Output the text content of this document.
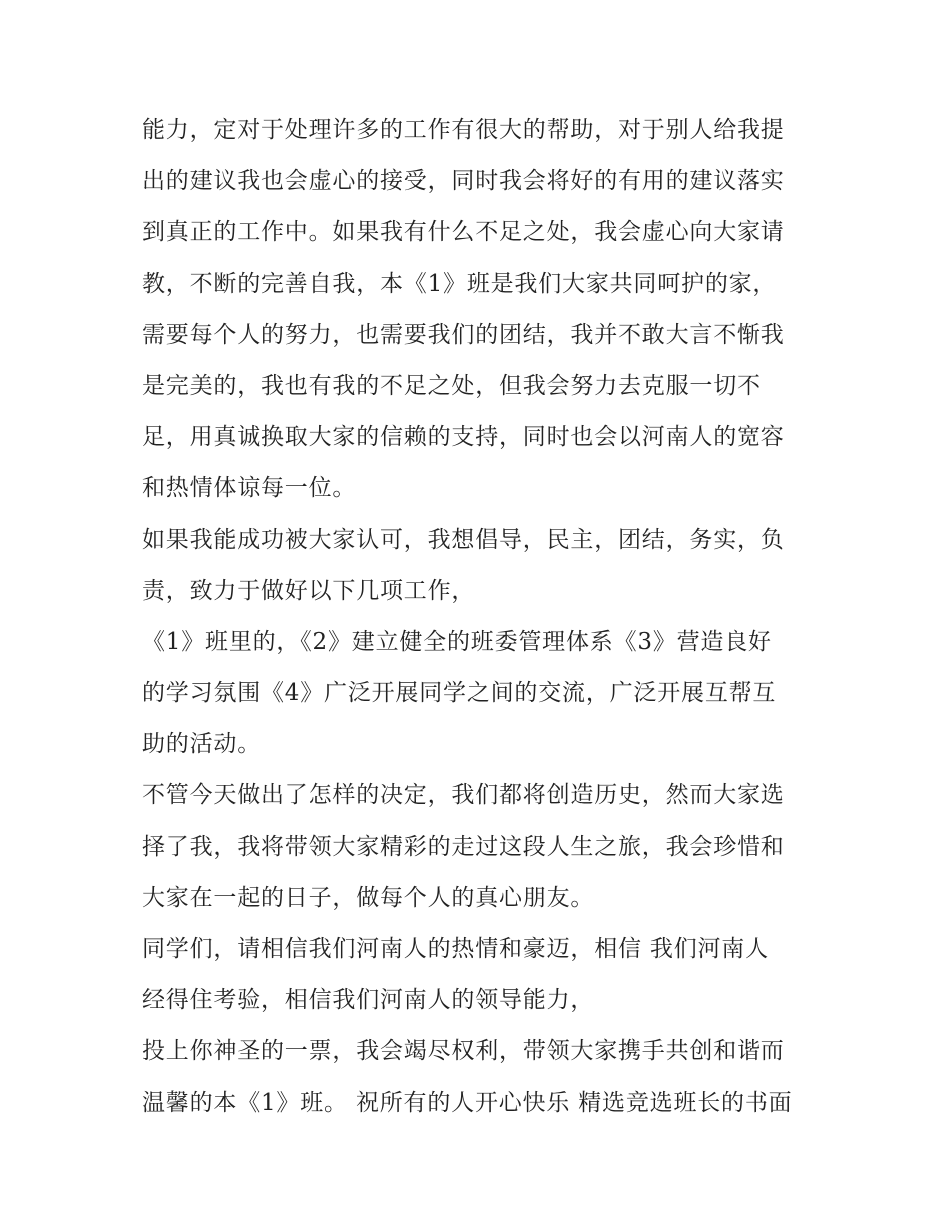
能力，定对于处理许多的工作有很大的帮助，对于别人给我提
出的建议我也会虚心的接受，同时我会将好的有用的建议落实
到真正的工作中。如果我有什么不足之处，我会虚心向大家请
教，不断的完善自我，本《1》班是我们大家共同呵护的家，
需要每个人的努力，也需要我们的团结，我并不敢大言不惭我
是完美的，我也有我的不足之处，但我会努力去克服一切不
足，用真诚换取大家的信赖的支持，同时也会以河南人的宽容
和热情体谅每一位。
如果我能成功被大家认可，我想倡导，民主，团结，务实，负
责，致力于做好以下几项工作，
《1》班里的，《2》建立健全的班委管理体系《3》营造良好
的学习氛围《4》广泛开展同学之间的交流，广泛开展互帮互
助的活动。
不管今天做出了怎样的决定，我们都将创造历史，然而大家选
择了我，我将带领大家精彩的走过这段人生之旅，我会珍惜和
大家在一起的日子，做每个人的真心朋友。
同学们，请相信我们河南人的热情和豪迈，相信 我们河南人
经得住考验，相信我们河南人的领导能力，
投上你神圣的一票，我会竭尽权利，带领大家携手共创和谐而
温馨的本《1》班。 祝所有的人开心快乐 精选竞选班长的书面
